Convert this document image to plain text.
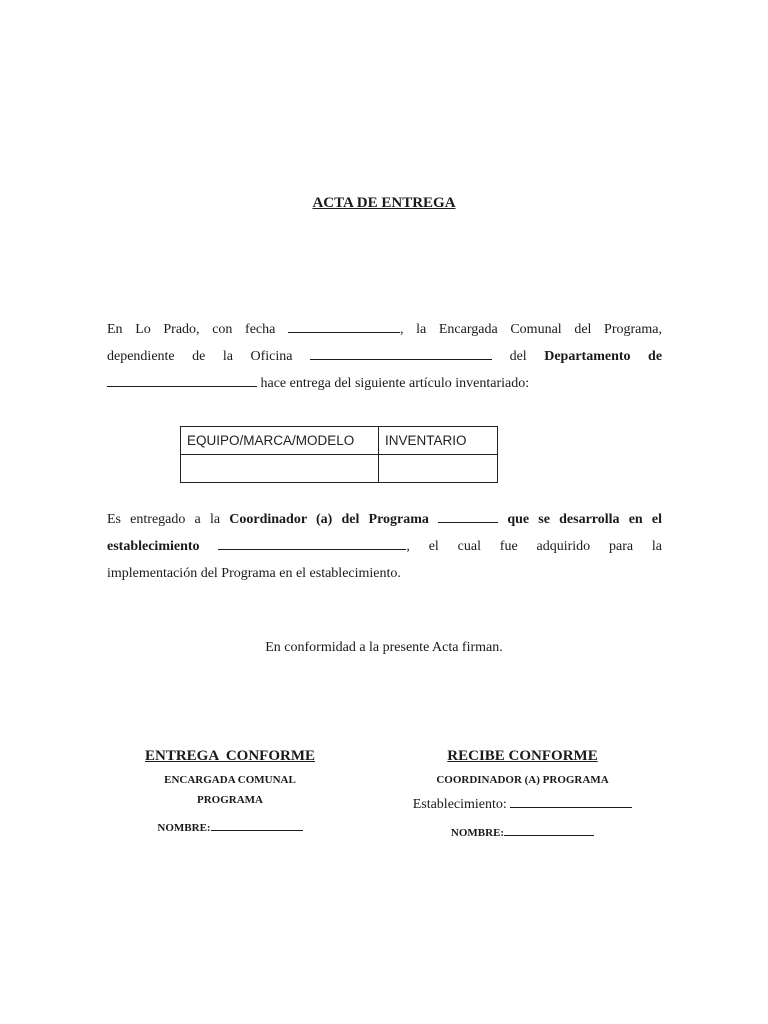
ACTA DE ENTREGA
En Lo Prado, con fecha	, la Encargada Comunal del Programa,
dependiente de la Oficina	del Departamento de
hace entrega del siguiente artículo inventariado:
EQUIPO/MARCA/MODELO	INVENTARIO

Es entregado a la Coordinador (a) del Programa	que se desarrolla en el
establecimiento	, el cual fue adquirido para la
implementación del Programa en el establecimiento.
En conformidad a la presente Acta firman.
ENTREGA  CONFORME
ENCARGADA COMUNAL
PROGRAMA
NOMBRE:
RECIBE CONFORME
COORDINADOR (A) PROGRAMA
Establecimiento:
NOMBRE:
